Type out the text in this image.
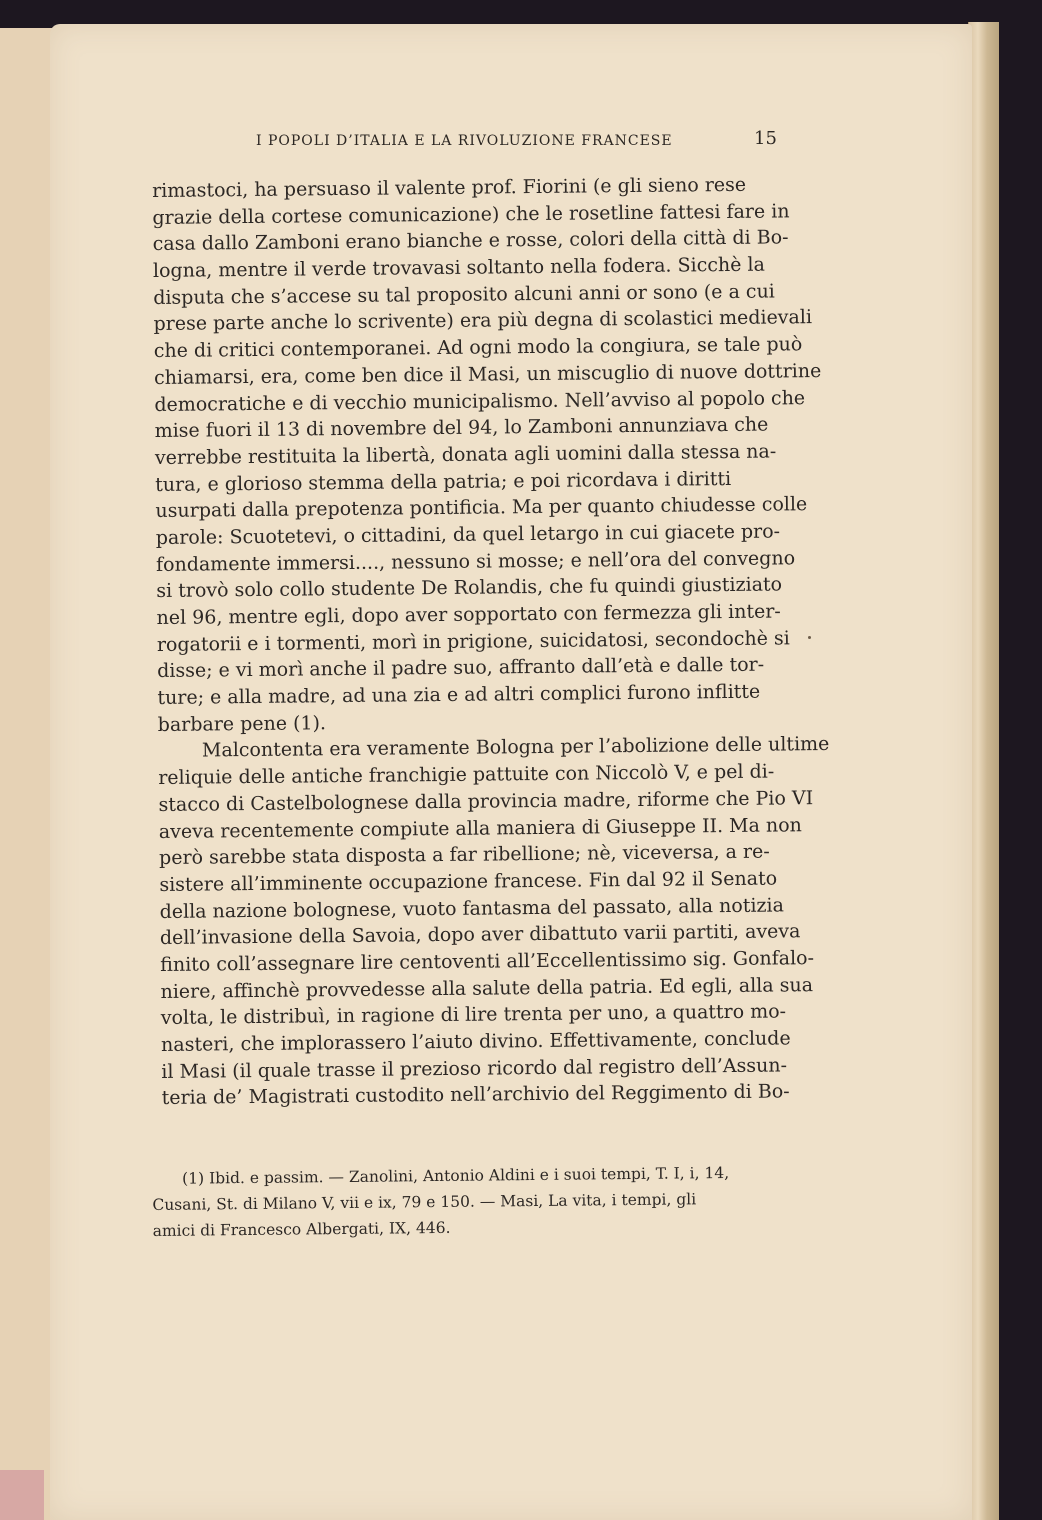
I POPOLI D’ITALIA E LA RIVOLUZIONE FRANCESE	15
rimastoci, ha persuaso il valente prof. Fiorini (e gli sieno rese
grazie della cortese comunicazione) che le rosetline fattesi fare in
casa dallo Zamboni erano bianche e rosse, colori della città di Bo-
logna, mentre il verde trovavasi soltanto nella fodera. Sicchè la
disputa che s’accese su tal proposito alcuni anni or sono (e a cui
prese parte anche lo scrivente) era più degna di scolastici medievali
che di critici contemporanei. Ad ogni modo la congiura, se tale può
chiamarsi, era, come ben dice il Masi, un miscuglio di nuove dottrine
democratiche e di vecchio municipalismo. Nell’avviso al popolo che
mise fuori il 13 di novembre del 94, lo Zamboni annunziava che
verrebbe restituita la libertà, donata agli uomini dalla stessa na-
tura, e glorioso stemma della patria; e poi ricordava i diritti
usurpati dalla prepotenza pontificia. Ma per quanto chiudesse colle
parole: Scuotetevi, o cittadini, da quel letargo in cui giacete pro-
fondamente immersi...., nessuno si mosse; e nell’ora del convegno
si trovò solo collo studente De Rolandis, che fu quindi giustiziato
nel 96, mentre egli, dopo aver sopportato con fermezza gli inter-
rogatorii e i tormenti, morì in prigione, suicidatosi, secondochè si
disse; e vi morì anche il padre suo, affranto dall’età e dalle tor-
ture; e alla madre, ad una zia e ad altri complici furono inflitte
barbare pene (1).
Malcontenta era veramente Bologna per l’abolizione delle ultime
reliquie delle antiche franchigie pattuite con Niccolò V, e pel di-
stacco di Castelbolognese dalla provincia madre, riforme che Pio VI
aveva recentemente compiute alla maniera di Giuseppe II. Ma non
però sarebbe stata disposta a far ribellione; nè, viceversa, a re-
sistere all’imminente occupazione francese. Fin dal 92 il Senato
della nazione bolognese, vuoto fantasma del passato, alla notizia
dell’invasione della Savoia, dopo aver dibattuto varii partiti, aveva
finito coll’assegnare lire centoventi all’Eccellentissimo sig. Gonfalo-
niere, affinchè provvedesse alla salute della patria. Ed egli, alla sua
volta, le distribuì, in ragione di lire trenta per uno, a quattro mo-
nasteri, che implorassero l’aiuto divino. Effettivamente, conclude
il Masi (il quale trasse il prezioso ricordo dal registro dell’Assun-
teria de’ Magistrati custodito nell’archivio del Reggimento di Bo-
(1) Ibid. e passim. — Zanolini, Antonio Aldini e i suoi tempi, T. I, i, 14,
Cusani, St. di Milano V, vii e ix, 79 e 150. — Masi, La vita, i tempi, gli
amici di Francesco Albergati, IX, 446.
